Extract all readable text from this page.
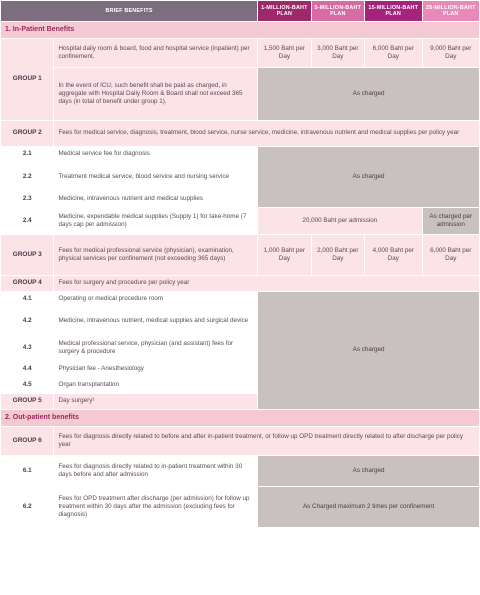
BRIEF BENEFITS		1-MILLION-BAHT PLAN	5-MILLION-BAHT PLAN	15-MILLION-BAHT PLAN	25-MILLION-BAHT PLAN
1. In-Patient Benefits					
GROUP 1	Hospital daily room & board, food and hospital service (inpatient) per confinement.	1,500 Baht per Day	3,000 Baht per Day	6,000 Baht per Day	9,000 Baht per Day
	In the event of ICU, such benefit shall be paid as charged, in aggregate with Hospital Daily Room & Board shall not exceed 365 days (in total of benefit under group 1).	As charged			
GROUP 2	Fees for medical service, diagnosis, treatment, blood service, nurse service, medicine, intravenous nutrient and medical supplies per policy year				
2.1	Medical service fee for diagnosis	As charged			
2.2	Treatment medical service, blood service and nursing service				
2.3	Medicine, intravenous nutrient and medical supplies				
2.4	Medicine, expendable medical supplies (Supply 1) for take-home (7 days cap per admission)	20,000 Baht per admission			As charged per admission
GROUP 3	Fees for medical professional service (physician), examination, physical services per confinement (not exceeding 365 days)	1,000 Baht per Day	2,000 Baht per Day	4,000 Baht per Day	6,000 Baht per Day
GROUP 4	Fees for surgery and procedure per policy year				
4.1	Operating or medical procedure room	As charged			
4.2	Medicine, intravenous nutrient, medical supplies and surgical device				
4.3	Medical professional service, physician (and assistant) fees for surgery & procedure				
4.4	Physician fee - Anesthesiology				
4.5	Organ transplantation				
GROUP 5	Day surgery¹				
2. Out-patient benefits					
GROUP 6	Fees for diagnosis directly related to before and after in-patient treatment, or follow up OPD treatment directly related to after discharge per policy year				
6.1	Fees for diagnosis directly related to in-patient treatment within 30 days before and after admission	As charged			
6.2	Fees for OPD treatment after discharge (per admission) for follow up treatment within 30 days after the admission (excluding fees for diagnosis)	As Charged maximum 2 times per confinement			
